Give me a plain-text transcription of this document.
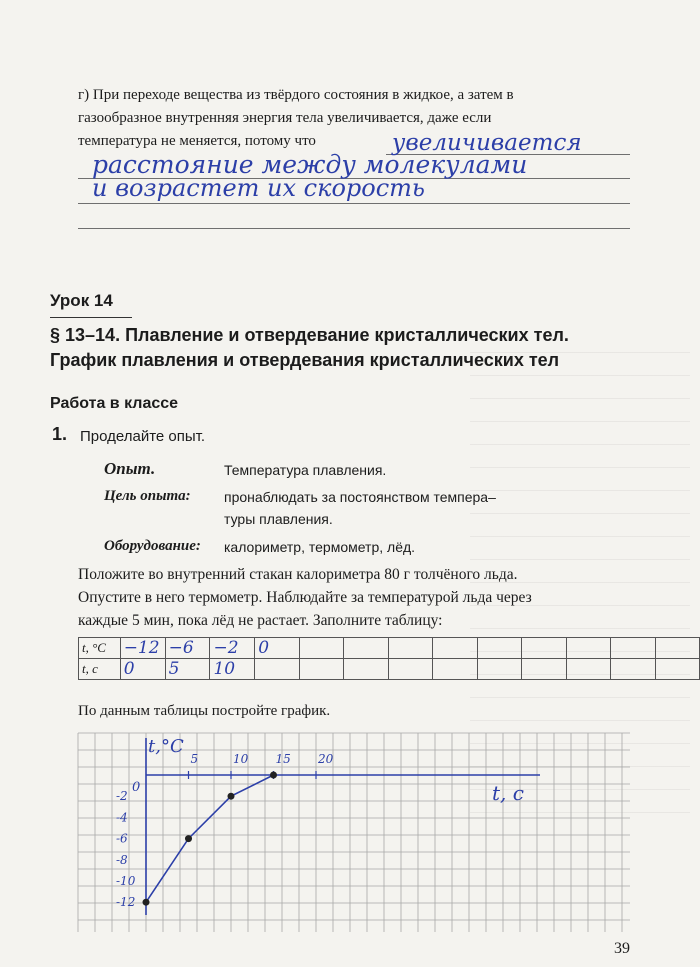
г) При переходе вещества из твёрдого состояния в жидкое, а затем в
газообразное внутренняя энергия тела увеличивается, даже если
температура не меняется, потому что	увеличивается
расстояние между молекулами
и возрастет их скорость
Урок 14
§ 13–14. Плавление и отвердевание кристаллических тел.
График плавления и отвердевания кристаллических тел
Работа в классе
1. Проделайте опыт.
Опыт.	Температура плавления.
Цель опыта: пронаблюдать за постоянством темпера–
туры плавления.
Оборудование: калориметр, термометр, лёд.
Положите во внутренний стакан калориметра 80 г толчёного льда.
Опустите в него термометр. Наблюдайте за температурой льда через
каждые 5 мин, пока лёд не растает. Заполните таблицу:
t, °C	−12	−6	−2	0									
t, c	0	5	10										
По данным таблицы постройте график.
5	10 15 20
-2
-4
-6
-8
-10
-12
t,°C
t, c
0
39
